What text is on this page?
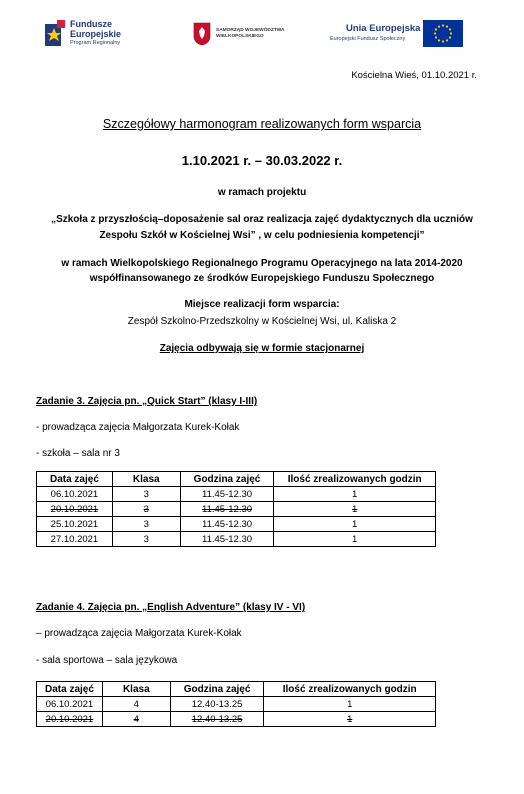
Fundusze
Europejskie
Program Regionalny
SAMORZĄD WOJEWÓDZTWA
WIELKOPOLSKIEGO
Unia Europejska
Europejski Fundusz Społeczny
Kościelna Wieś, 01.10.2021 r.
Szczegółowy harmonogram realizowanych form wsparcia
1.10.2021 r. – 30.03.2022 r.
w ramach projektu
„Szkoła z przyszłością–doposażenie sal oraz realizacja zajęć dydaktycznych dla uczniów
Zespołu Szkół w Kościelnej Wsi” , w celu podniesienia kompetencji”
w ramach Wielkopolskiego Regionalnego Programu Operacyjnego na lata 2014-2020
współfinansowanego ze środków Europejskiego Funduszu Społecznego
Miejsce realizacji form wsparcia:
Zespół Szkolno-Przedszkolny w Kościelnej Wsi, ul. Kaliska 2
Zajęcia odbywają się w formie stacjonarnej
Zadanie 3. Zajęcia pn. „Quick Start” (klasy I-III)
- prowadząca zajęcia Małgorzata Kurek-Kołak
- szkoła – sala nr 3
Data zajęć	Klasa	Godzina zajęć	Ilość zrealizowanych godzin
06.10.2021	3	11.45-12.30	1
20.10.2021	3	11.45-12.30	1
25.10.2021	3	11.45-12.30	1
27.10.2021	3	11.45-12.30	1
Zadanie 4. Zajęcia pn. „English Adventure” (klasy IV - VI)
– prowadząca zajęcia Małgorzata Kurek-Kołak
- sala sportowa – sala językowa
Data zajęć	Klasa	Godzina zajęć	Ilość zrealizowanych godzin
06.10.2021	4	12.40-13.25	1
20.10.2021	4	12.40-13.25	1
